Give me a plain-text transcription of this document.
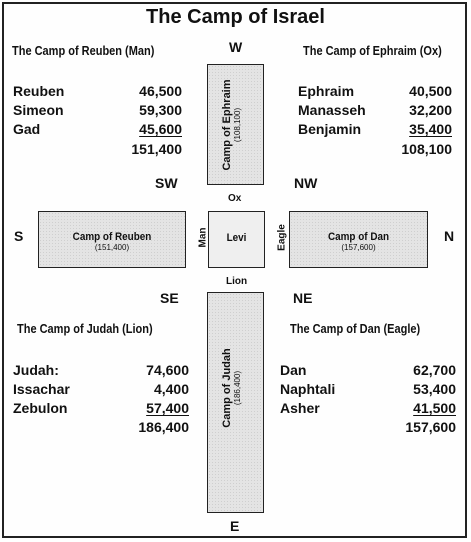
The Camp of Israel
The Camp of Reuben (Man)	The Camp of Ephraim (Ox)
The Camp of Judah (Lion)	The Camp of Dan (Eagle)
Reuben	46,500
Simeon	59,300
Gad	45,600
151,400
Ephraim	40,500
Manasseh	32,200
Benjamin	35,400
108,100
Judah:	74,600
Issachar	4,400
Zebulon	57,400
186,400
Dan	62,700
Naphtali	53,400
Asher	41,500
157,600
W
E
S	N
SW	NW
SE	NE
Ox
Lion
Man	Eagle
Camp of Ephraim (108,100)
Camp of Reuben
(151,400)
Levi	Camp of Dan
(157,600)
Camp of Judah (186,400)
